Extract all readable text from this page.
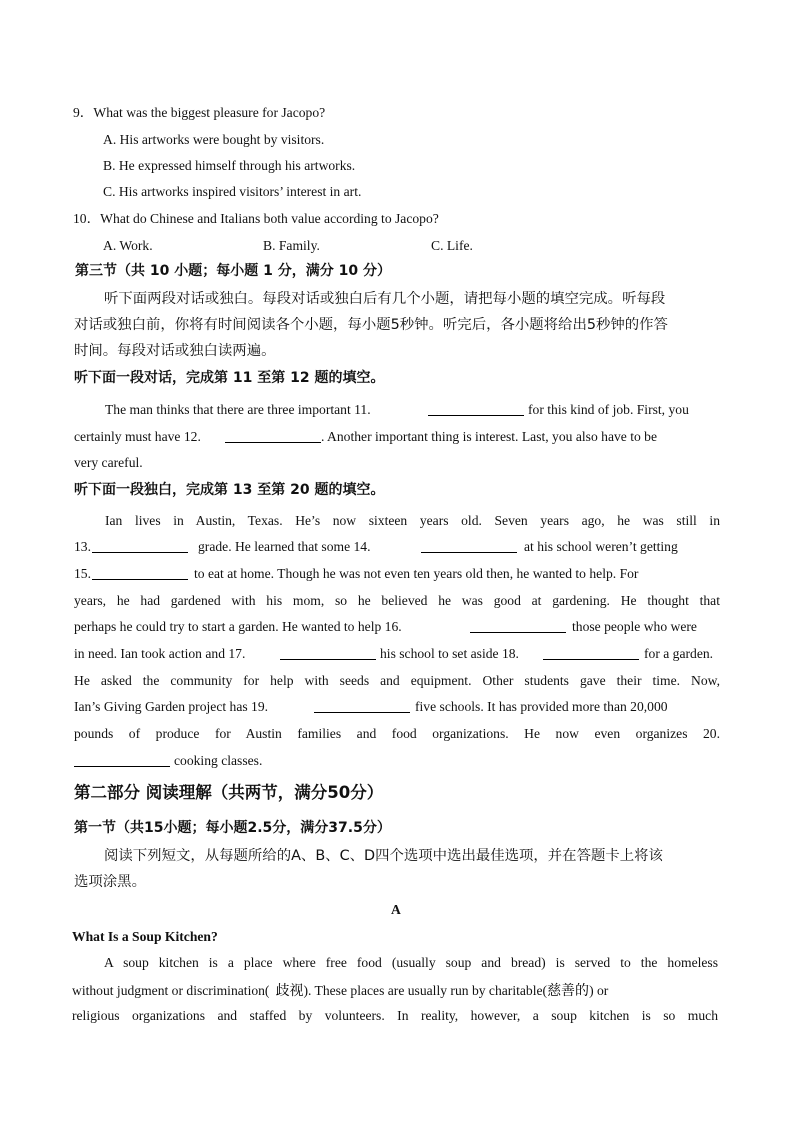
9．What was the biggest pleasure for Jacopo?
A. His artworks were bought by visitors.
B. He expressed himself through his artworks.
C. His artworks inspired visitors’ interest in art.
10．What do Chinese and Italians both value according to Jacopo?
A. Work.	B. Family.	C. Life.
第三节（共 10 小题；每小题 1 分，满分 10 分）
听下面两段对话或独白。每段对话或独白后有几个小题，请把每小题的填空完成。听每段
对话或独白前，你将有时间阅读各个小题，每小题5秒钟。听完后，各小题将给出5秒钟的作答
时间。每段对话或独白读两遍。
听下面一段对话，完成第 11 至第 12 题的填空。
The man thinks that there are three important 11.	for this kind of job. First, you
certainly must have 12.	. Another important thing is interest. Last, you also have to be
very careful.
听下面一段独白，完成第 13 至第 20 题的填空。
Ian lives in Austin, Texas. He’s now sixteen years old. Seven years ago, he was still in
13.	grade. He learned that some 14.	at his school weren’t getting
15.	to eat at home. Though he was not even ten years old then, he wanted to help. For
years, he had gardened with his mom, so he believed he was good at gardening. He thought that
perhaps he could try to start a garden. He wanted to help 16.	those people who were
in need. Ian took action and 17.	his school to set aside 18.	for a garden.
He asked the community for help with seeds and equipment. Other students gave their time. Now,
Ian’s Giving Garden project has 19.	five schools. It has provided more than 20,000
pounds of produce for Austin families and food organizations. He now even organizes 20.
cooking classes.
第二部分 阅读理解（共两节，满分50分）
第一节（共15小题；每小题2.5分，满分37.5分）
阅读下列短文，从每题所给的A、B、C、D四个选项中选出最佳选项，并在答题卡上将该
选项涂黑。
A
What Is a Soup Kitchen?
A soup kitchen is a place where free food (usually soup and bread) is served to the homeless
without judgment or discrimination( 歧视). These places are usually run by charitable(慈善的) or
religious organizations and staffed by volunteers. In reality, however, a soup kitchen is so much
